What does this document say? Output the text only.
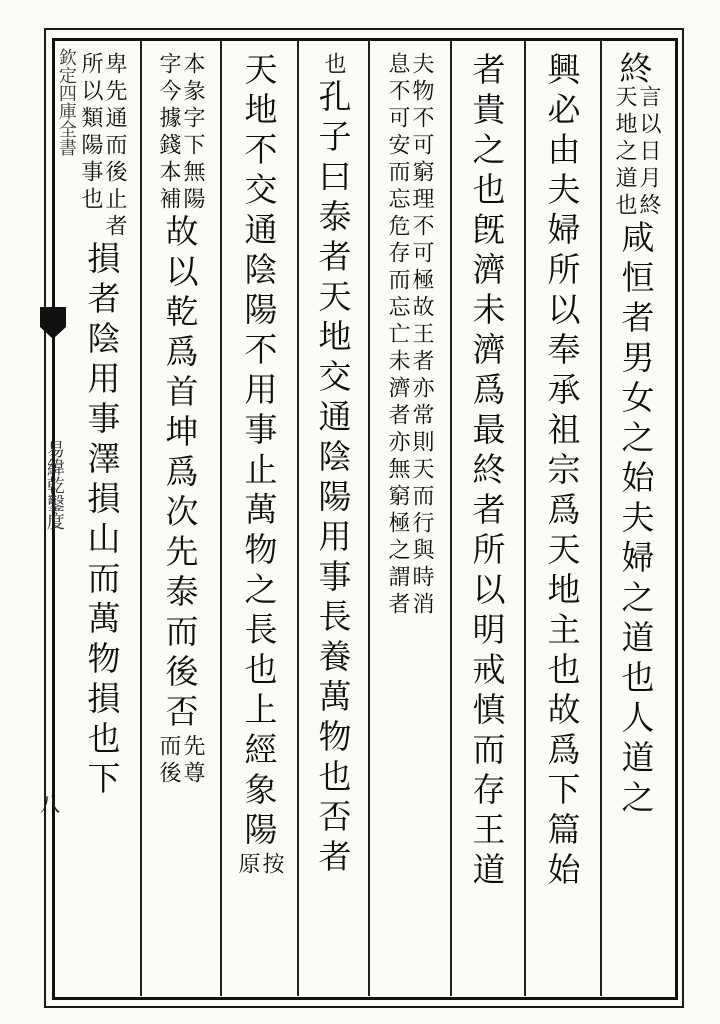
欽定四庫全書
易緯乾鑿度
八
終
言以日月終
天地之道也
咸恒者男女之始夫婦之道也人道之
興必由夫婦所以奉承祖宗爲天地主也故爲下篇始
者貴之也旣濟未濟爲最終者所以明戒慎而存王道
夫物不可窮理不可極故王者亦常則天而行與時消
息不可安而忘危存而忘亡未濟者亦無窮極之謂者
也
孔子曰泰者天地交通陰陽用事長養萬物也否者
天地不交通陰陽不用事止萬物之長也上經象陽
按
原
本彖字下無陽
字今據錢本補
故以乾爲首坤爲次先泰而後否
先尊
而後
卑先通而後止者
所以類陽事也
損者陰用事澤損山而萬物損也下
